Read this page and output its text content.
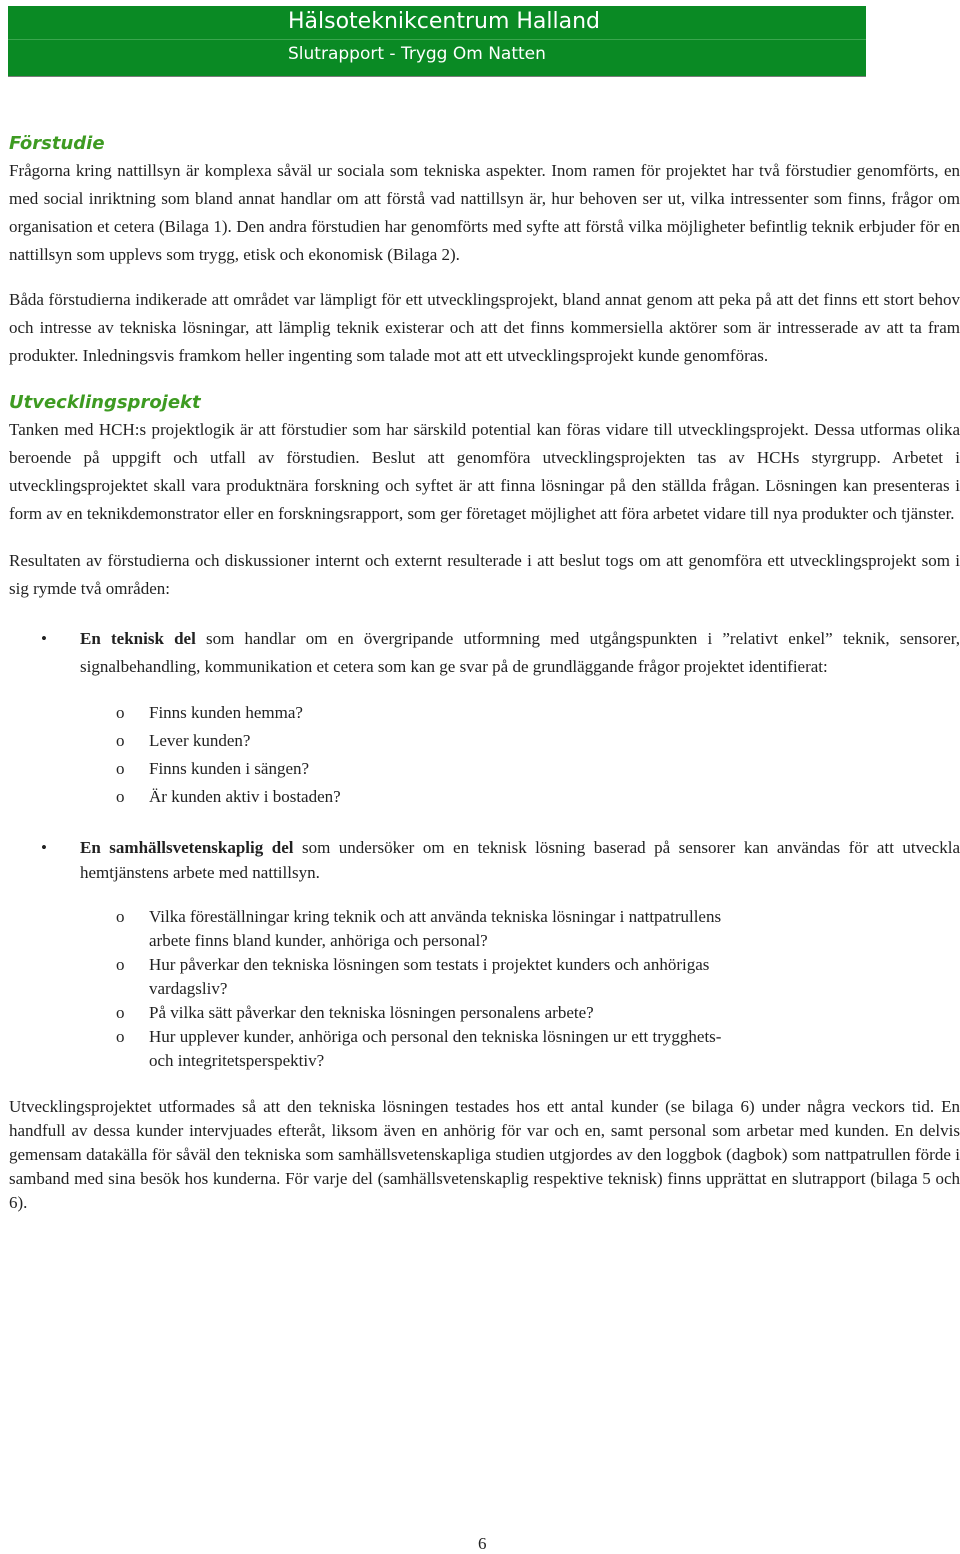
Hälsoteknikcentrum Halland
Slutrapport - Trygg Om Natten
Förstudie

Frågorna kring nattillsyn är komplexa såväl ur sociala som tekniska aspekter. Inom ramen för projektet har två förstudier genomförts, en med social inriktning som bland annat handlar om att förstå vad nattillsyn är, hur behoven ser ut, vilka intressenter som finns, frågor om organisation et cetera (Bilaga 1). Den andra förstudien har genomförts med syfte att förstå vilka möjligheter befintlig teknik erbjuder för en nattillsyn som upplevs som trygg, etisk och ekonomisk (Bilaga 2).

Båda förstudierna indikerade att området var lämpligt för ett utvecklingsprojekt, bland annat genom att peka på att det finns ett stort behov och intresse av tekniska lösningar, att lämplig teknik existerar och att det finns kommersiella aktörer som är intresserade av att ta fram produkter. Inledningsvis framkom heller ingenting som talade mot att ett utvecklingsprojekt kunde genomföras.

Utvecklingsprojekt

Tanken med HCH:s projektlogik är att förstudier som har särskild potential kan föras vidare till utvecklingsprojekt. Dessa utformas olika beroende på uppgift och utfall av förstudien. Beslut att genomföra utvecklingsprojekten tas av HCHs styrgrupp. Arbetet i utvecklingsprojektet skall vara produktnära forskning och syftet är att finna lösningar på den ställda frågan. Lösningen kan presenteras i form av en teknikdemonstrator eller en forskningsrapport, som ger företaget möjlighet att föra arbetet vidare till nya produkter och tjänster.

Resultaten av förstudierna och diskussioner internt och externt resulterade i att beslut togs om att genomföra ett utvecklingsprojekt som i sig rymde två områden:

• En teknisk del som handlar om en övergripande utformning med utgångspunkten i ”relativt enkel” teknik, sensorer, signalbehandling, kommunikation et cetera som kan ge svar på de grundläggande frågor projektet identifierat:
o Finns kunden hemma?
o Lever kunden?
o Finns kunden i sängen?
o Är kunden aktiv i bostaden?
• En samhällsvetenskaplig del som undersöker om en teknisk lösning baserad på sensorer kan användas för att utveckla hemtjänstens arbete med nattillsyn.
o Vilka föreställningar kring teknik och att använda tekniska lösningar i nattpatrullens arbete finns bland kunder, anhöriga och personal?
o Hur påverkar den tekniska lösningen som testats i projektet kunders och anhörigas vardagsliv?
o På vilka sätt påverkar den tekniska lösningen personalens arbete?
o Hur upplever kunder, anhöriga och personal den tekniska lösningen ur ett trygghets- och integritetsperspektiv?

Utvecklingsprojektet utformades så att den tekniska lösningen testades hos ett antal kunder (se bilaga 6) under några veckors tid. En handfull av dessa kunder intervjuades efteråt, liksom även en anhörig för var och en, samt personal som arbetar med kunden. En delvis gemensam datakälla för såväl den tekniska som samhällsvetenskapliga studien utgjordes av den loggbok (dagbok) som nattpatrullen förde i samband med sina besök hos kunderna. För varje del (samhällsvetenskaplig respektive teknisk) finns upprättat en slutrapport (bilaga 5 och 6).

6
